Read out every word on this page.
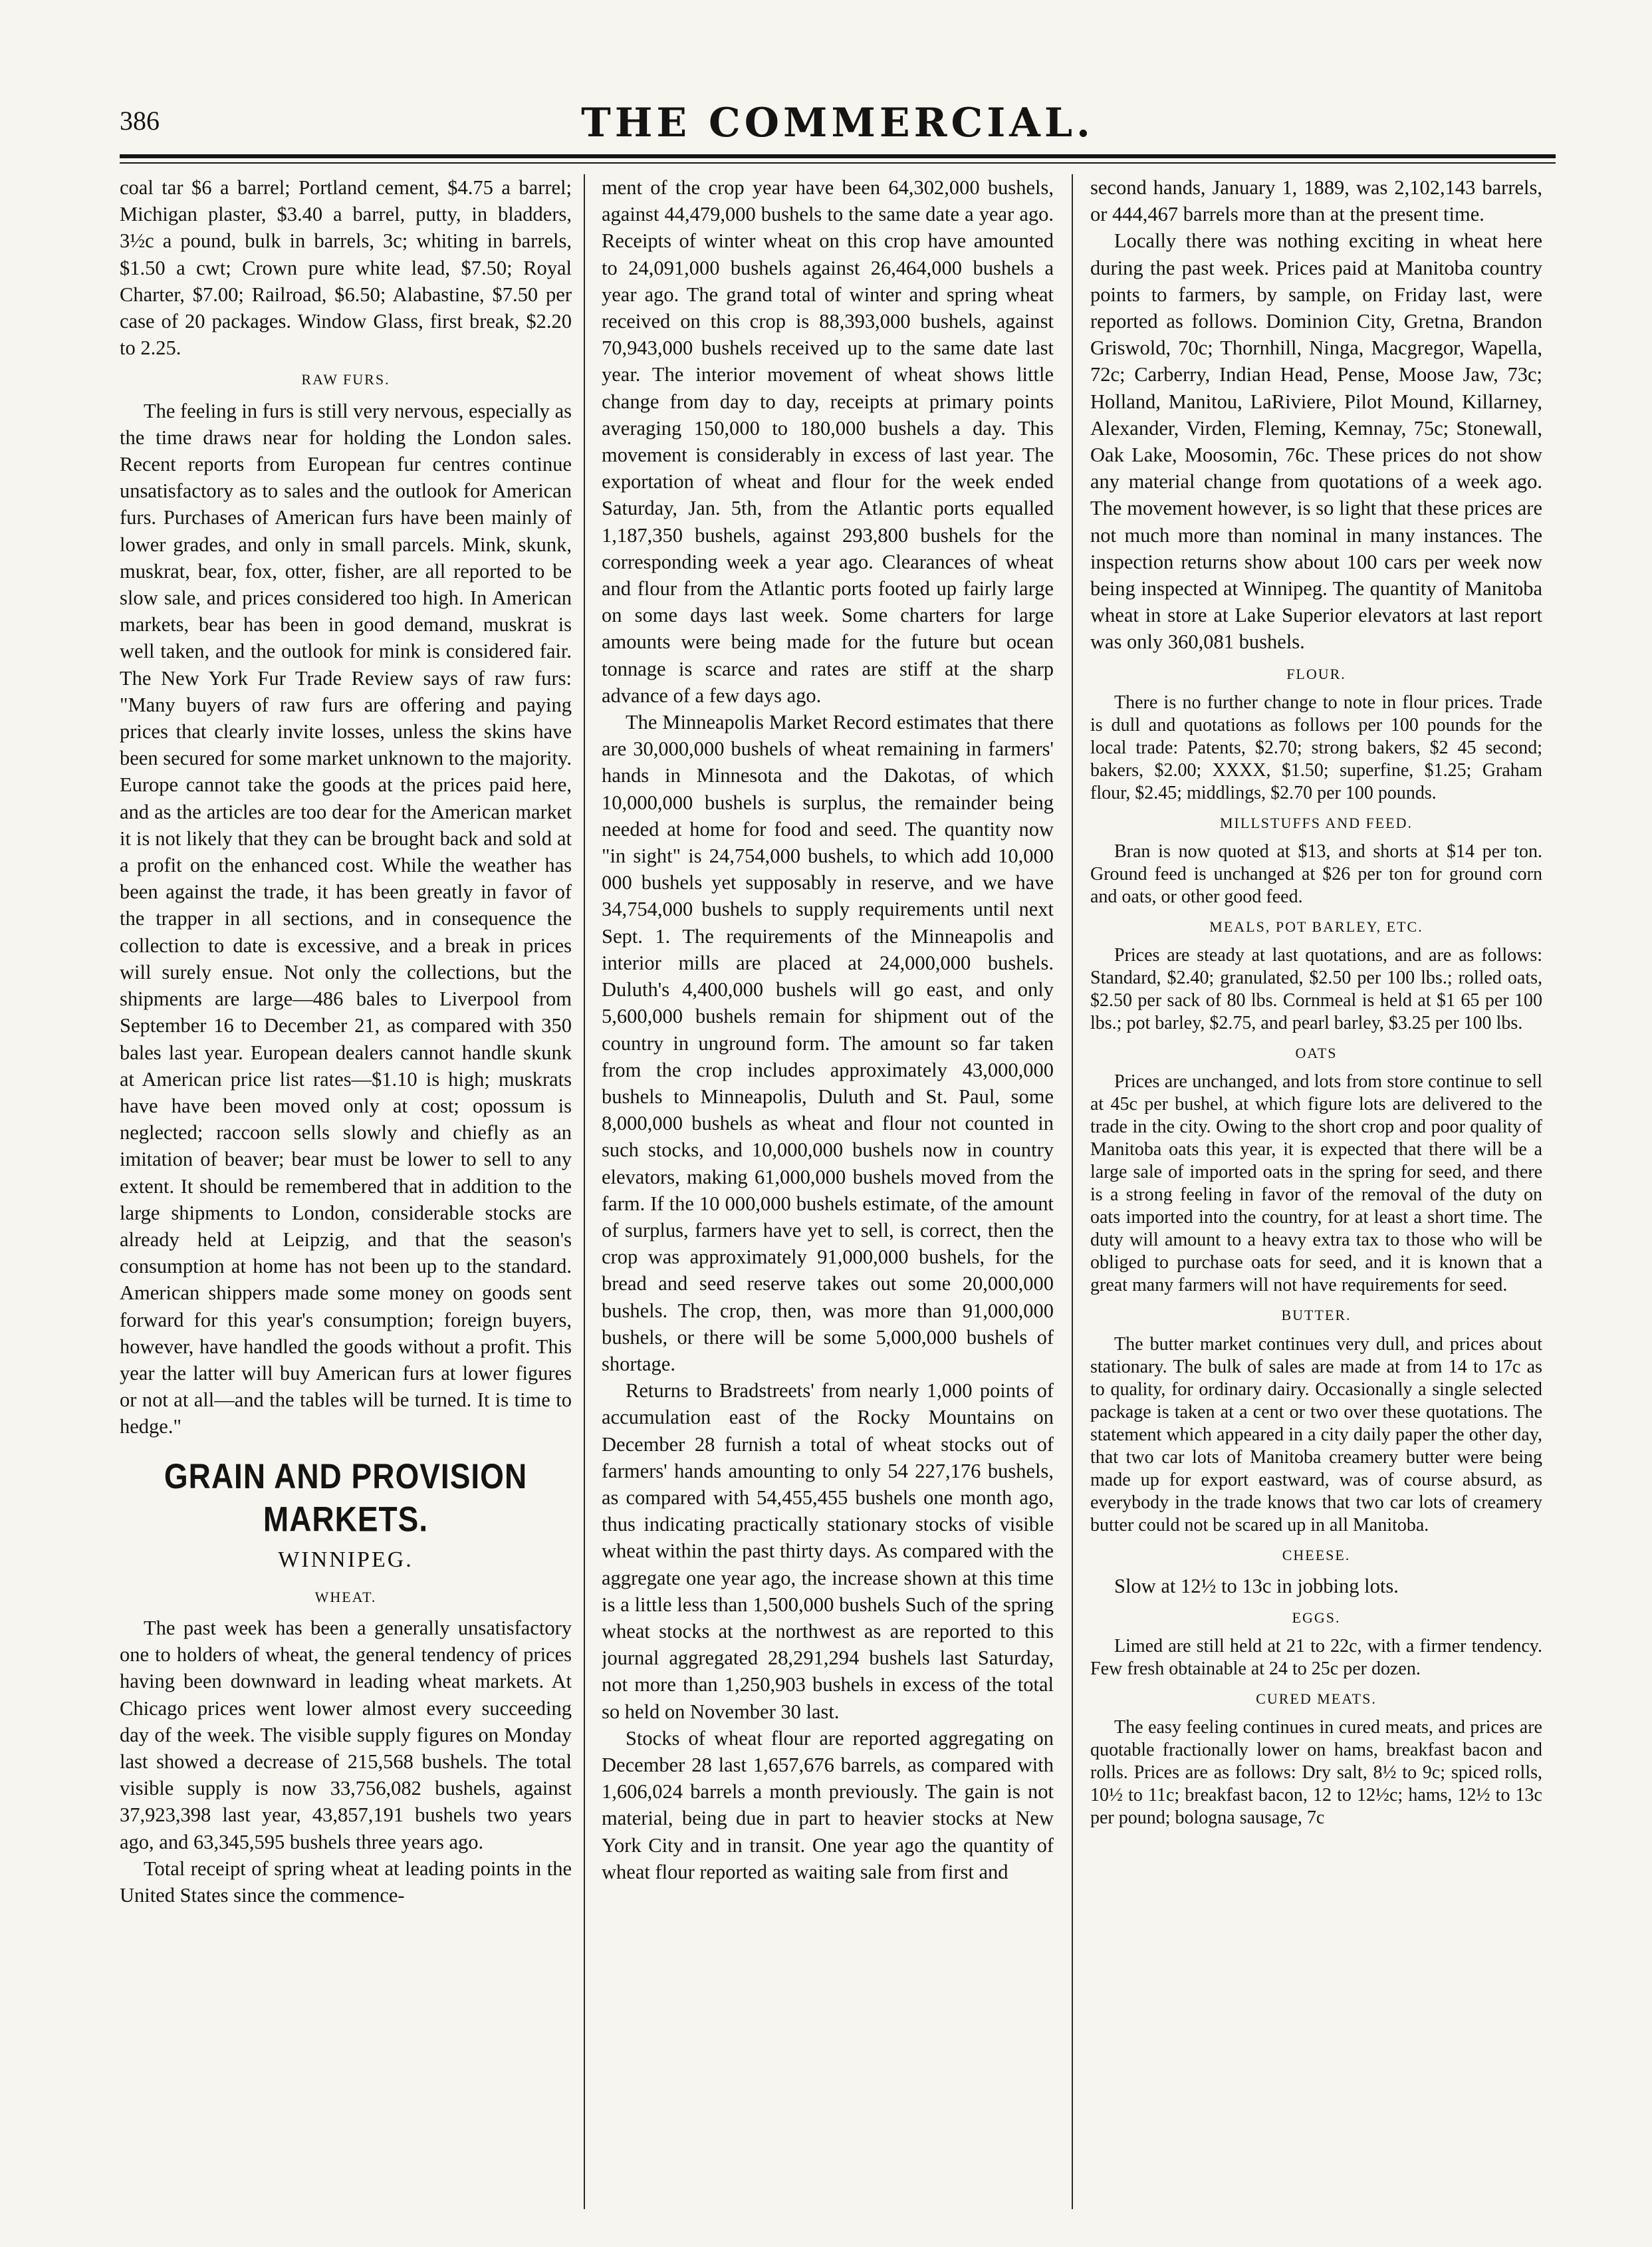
386	THE COMMERCIAL.

coal tar $6 a barrel; Portland cement, $4.75 a barrel; Michigan plaster, $3.40 a barrel, putty, in bladders, 3½c a pound, bulk in barrels, 3c; whiting in barrels, $1.50 a cwt; Crown pure white lead, $7.50; Royal Charter, $7.00; Railroad, $6.50; Alabastine, $7.50 per case of 20 packages. Window Glass, first break, $2.20 to 2.25.

RAW FURS.

The feeling in furs is still very nervous, especially as the time draws near for holding the London sales. Recent reports from European fur centres continue unsatisfactory as to sales and the outlook for American furs. Purchases of American furs have been mainly of lower grades, and only in small parcels. Mink, skunk, muskrat, bear, fox, otter, fisher, are all reported to be slow sale, and prices considered too high. In American markets, bear has been in good demand, muskrat is well taken, and the outlook for mink is considered fair. The New York Fur Trade Review says of raw furs: "Many buyers of raw furs are offering and paying prices that clearly invite losses, unless the skins have been secured for some market unknown to the majority. Europe cannot take the goods at the prices paid here, and as the articles are too dear for the American market it is not likely that they can be brought back and sold at a profit on the enhanced cost. While the weather has been against the trade, it has been greatly in favor of the trapper in all sections, and in consequence the collection to date is excessive, and a break in prices will surely ensue. Not only the collections, but the shipments are large—486 bales to Liverpool from September 16 to December 21, as compared with 350 bales last year. European dealers cannot handle skunk at American price list rates—$1.10 is high; muskrats have have been moved only at cost; opossum is neglected; raccoon sells slowly and chiefly as an imitation of beaver; bear must be lower to sell to any extent. It should be remembered that in addition to the large shipments to London, considerable stocks are already held at Leipzig, and that the season's consumption at home has not been up to the standard. American shippers made some money on goods sent forward for this year's consumption; foreign buyers, however, have handled the goods without a profit. This year the latter will buy American furs at lower figures or not at all—and the tables will be turned. It is time to hedge."

GRAIN AND PROVISION MARKETS.
WINNIPEG.
WHEAT.

The past week has been a generally unsatisfactory one to holders of wheat, the general tendency of prices having been downward in leading wheat markets. At Chicago prices went lower almost every succeeding day of the week. The visible supply figures on Monday last showed a decrease of 215,568 bushels. The total visible supply is now 33,756,082 bushels, against 37,923,398 last year, 43,857,191 bushels two years ago, and 63,345,595 bushels three years ago.

Total receipt of spring wheat at leading points in the United States since the commence-

ment of the crop year have been 64,302,000 bushels, against 44,479,000 bushels to the same date a year ago. Receipts of winter wheat on this crop have amounted to 24,091,000 bushels against 26,464,000 bushels a year ago. The grand total of winter and spring wheat received on this crop is 88,393,000 bushels, against 70,943,000 bushels received up to the same date last year. The interior movement of wheat shows little change from day to day, receipts at primary points averaging 150,000 to 180,000 bushels a day. This movement is considerably in excess of last year. The exportation of wheat and flour for the week ended Saturday, Jan. 5th, from the Atlantic ports equalled 1,187,350 bushels, against 293,800 bushels for the corresponding week a year ago. Clearances of wheat and flour from the Atlantic ports footed up fairly large on some days last week. Some charters for large amounts were being made for the future but ocean tonnage is scarce and rates are stiff at the sharp advance of a few days ago.

The Minneapolis Market Record estimates that there are 30,000,000 bushels of wheat remaining in farmers' hands in Minnesota and the Dakotas, of which 10,000,000 bushels is surplus, the remainder being needed at home for food and seed. The quantity now "in sight" is 24,754,000 bushels, to which add 10,000 000 bushels yet supposably in reserve, and we have 34,754,000 bushels to supply requirements until next Sept. 1. The requirements of the Minneapolis and interior mills are placed at 24,000,000 bushels. Duluth's 4,400,000 bushels will go east, and only 5,600,000 bushels remain for shipment out of the country in unground form. The amount so far taken from the crop includes approximately 43,000,000 bushels to Minneapolis, Duluth and St. Paul, some 8,000,000 bushels as wheat and flour not counted in such stocks, and 10,000,000 bushels now in country elevators, making 61,000,000 bushels moved from the farm. If the 10 000,000 bushels estimate, of the amount of surplus, farmers have yet to sell, is correct, then the crop was approximately 91,000,000 bushels, for the bread and seed reserve takes out some 20,000,000 bushels. The crop, then, was more than 91,000,000 bushels, or there will be some 5,000,000 bushels of shortage.

Returns to Bradstreets' from nearly 1,000 points of accumulation east of the Rocky Mountains on December 28 furnish a total of wheat stocks out of farmers' hands amounting to only 54 227,176 bushels, as compared with 54,455,455 bushels one month ago, thus indicating practically stationary stocks of visible wheat within the past thirty days. As compared with the aggregate one year ago, the increase shown at this time is a little less than 1,500,000 bushels Such of the spring wheat stocks at the northwest as are reported to this journal aggregated 28,291,294 bushels last Saturday, not more than 1,250,903 bushels in excess of the total so held on November 30 last.

Stocks of wheat flour are reported aggregating on December 28 last 1,657,676 barrels, as compared with 1,606,024 barrels a month previously. The gain is not material, being due in part to heavier stocks at New York City and in transit. One year ago the quantity of wheat flour reported as waiting sale from first and

second hands, January 1, 1889, was 2,102,143 barrels, or 444,467 barrels more than at the present time.

Locally there was nothing exciting in wheat here during the past week. Prices paid at Manitoba country points to farmers, by sample, on Friday last, were reported as follows. Dominion City, Gretna, Brandon Griswold, 70c; Thornhill, Ninga, Macgregor, Wapella, 72c; Carberry, Indian Head, Pense, Moose Jaw, 73c; Holland, Manitou, LaRiviere, Pilot Mound, Killarney, Alexander, Virden, Fleming, Kemnay, 75c; Stonewall, Oak Lake, Moosomin, 76c. These prices do not show any material change from quotations of a week ago. The movement however, is so light that these prices are not much more than nominal in many instances. The inspection returns show about 100 cars per week now being inspected at Winnipeg. The quantity of Manitoba wheat in store at Lake Superior elevators at last report was only 360,081 bushels.

FLOUR.

There is no further change to note in flour prices. Trade is dull and quotations as follows per 100 pounds for the local trade: Patents, $2.70; strong bakers, $2 45 second; bakers, $2.00; XXXX, $1.50; superfine, $1.25; Graham flour, $2.45; middlings, $2.70 per 100 pounds.

MILLSTUFFS AND FEED.

Bran is now quoted at $13, and shorts at $14 per ton. Ground feed is unchanged at $26 per ton for ground corn and oats, or other good feed.

MEALS, POT BARLEY, ETC.

Prices are steady at last quotations, and are as follows: Standard, $2.40; granulated, $2.50 per 100 lbs.; rolled oats, $2.50 per sack of 80 lbs. Cornmeal is held at $1 65 per 100 lbs.; pot barley, $2.75, and pearl barley, $3.25 per 100 lbs.

OATS

Prices are unchanged, and lots from store continue to sell at 45c per bushel, at which figure lots are delivered to the trade in the city. Owing to the short crop and poor quality of Manitoba oats this year, it is expected that there will be a large sale of imported oats in the spring for seed, and there is a strong feeling in favor of the removal of the duty on oats imported into the country, for at least a short time. The duty will amount to a heavy extra tax to those who will be obliged to purchase oats for seed, and it is known that a great many farmers will not have requirements for seed.

BUTTER.

The butter market continues very dull, and prices about stationary. The bulk of sales are made at from 14 to 17c as to quality, for ordinary dairy. Occasionally a single selected package is taken at a cent or two over these quotations. The statement which appeared in a city daily paper the other day, that two car lots of Manitoba creamery butter were being made up for export eastward, was of course absurd, as everybody in the trade knows that two car lots of creamery butter could not be scared up in all Manitoba.

CHEESE.

Slow at 12½ to 13c in jobbing lots.

EGGS.

Limed are still held at 21 to 22c, with a firmer tendency. Few fresh obtainable at 24 to 25c per dozen.

CURED MEATS.

The easy feeling continues in cured meats, and prices are quotable fractionally lower on hams, breakfast bacon and rolls. Prices are as follows: Dry salt, 8½ to 9c; spiced rolls, 10½ to 11c; breakfast bacon, 12 to 12½c; hams, 12½ to 13c per pound; bologna sausage, 7c
